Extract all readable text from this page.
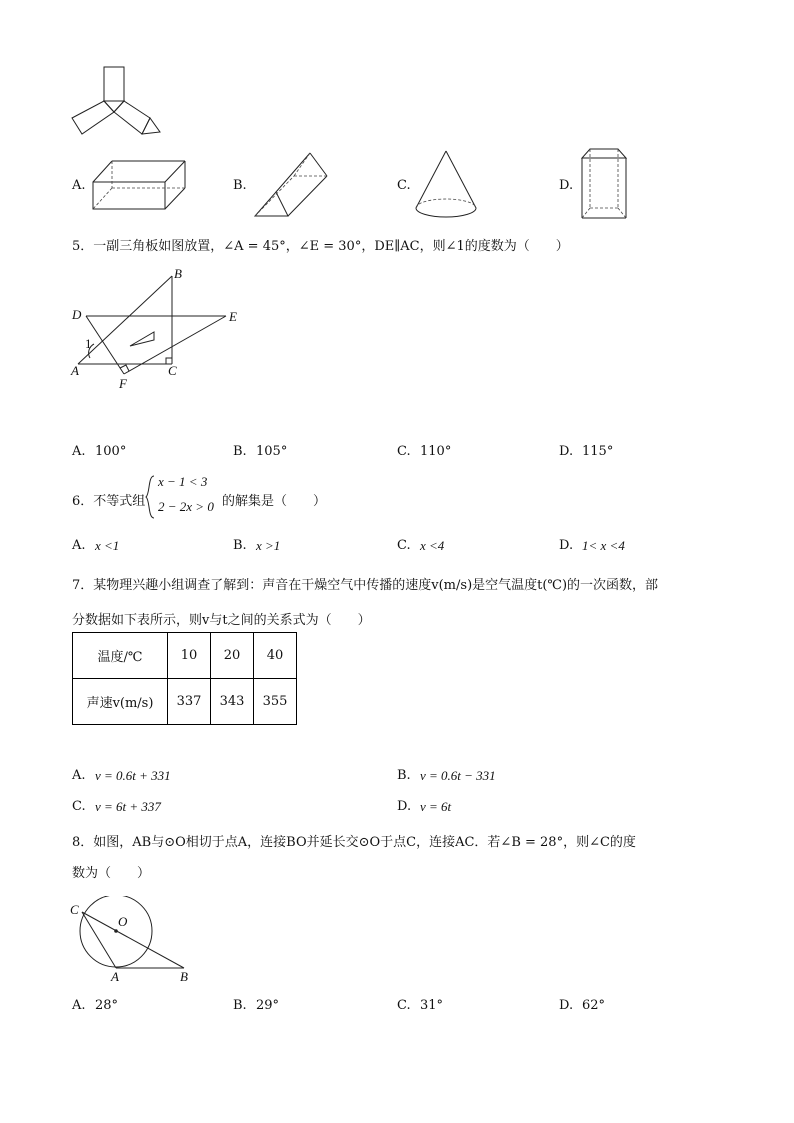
A.	B.	C.	D.
5．一副三角板如图放置，∠A = 45°，∠E = 30°，DE∥AC，则∠1的度数为（　　）
B
D	E
A	C
F
1
A. 100°	B. 105°	C. 110°	D. 115°
6．不等式组
x − 1 < 3
2 − 2x > 0 的解集是（　　）
A. x <1	B. x >1	C. x <4	D. 1< x <4
7．某物理兴趣小组调查了解到：声音在干燥空气中传播的速度v(m/s)是空气温度t(℃)的一次函数，部
分数据如下表所示，则v与t之间的关系式为（　　）
温度/℃	10	20	40
声速v(m/s)	337	343	355
A. v = 0.6t + 331	B. v = 0.6t − 331
C. v = 6t + 337	D. v = 6t
8．如图，AB与⊙O相切于点A，连接BO并延长交⊙O于点C，连接AC．若∠B = 28°，则∠C的度
数为（　　）
C
O
A	B
A. 28°	B. 29°	C. 31°	D. 62°
